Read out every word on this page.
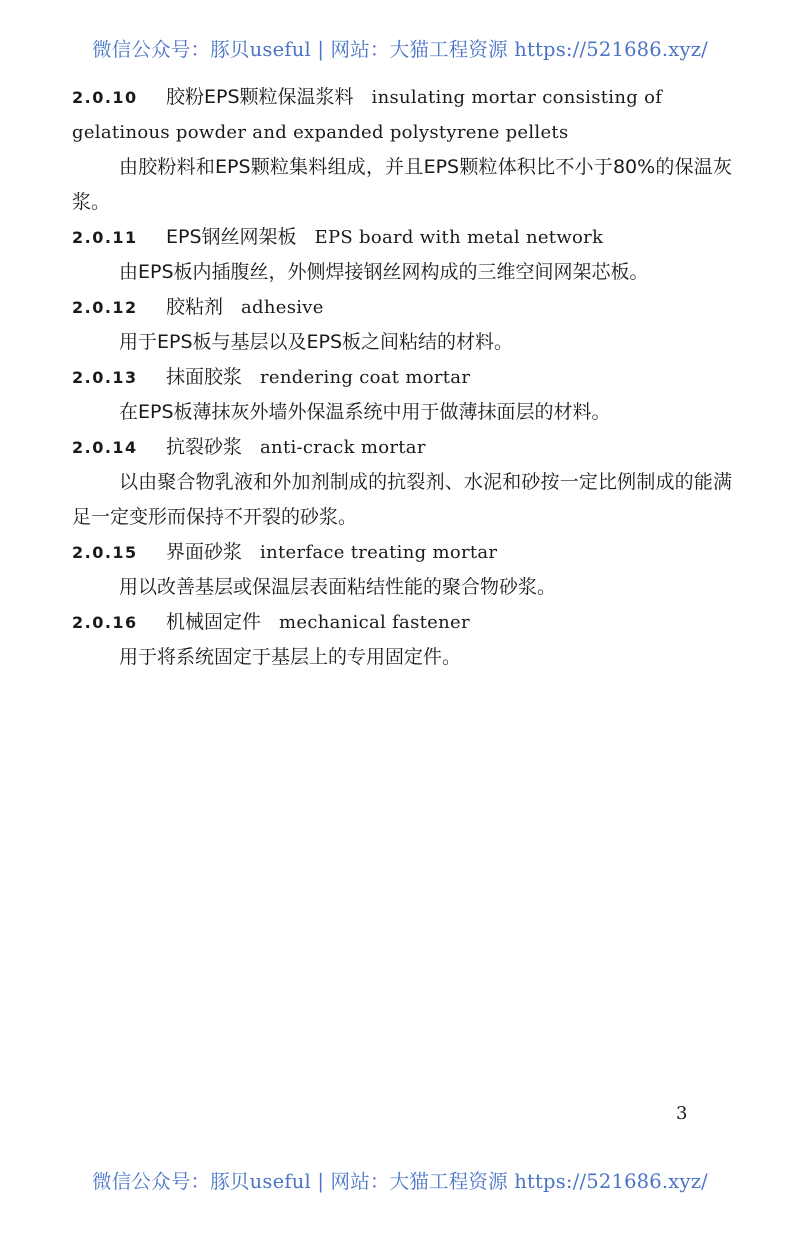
微信公众号：豚贝useful | 网站：大猫工程资源 https://521686.xyz/
2.0.10 胶粉EPS颗粒保温浆料 insulating mortar consisting of gelatinous powder and expanded polystyrene pellets

由胶粉料和EPS颗粒集料组成，并且EPS颗粒体积比不小于80%的保温灰浆。

2.0.11 EPS钢丝网架板 EPS board with metal network

由EPS板内插腹丝，外侧焊接钢丝网构成的三维空间网架芯板。

2.0.12 胶粘剂 adhesive

用于EPS板与基层以及EPS板之间粘结的材料。

2.0.13 抹面胶浆 rendering coat mortar

在EPS板薄抹灰外墙外保温系统中用于做薄抹面层的材料。

2.0.14 抗裂砂浆 anti-crack mortar

以由聚合物乳液和外加剂制成的抗裂剂、水泥和砂按一定比例制成的能满足一定变形而保持不开裂的砂浆。

2.0.15 界面砂浆 interface treating mortar

用以改善基层或保温层表面粘结性能的聚合物砂浆。

2.0.16 机械固定件 mechanical fastener

用于将系统固定于基层上的专用固定件。

3
微信公众号：豚贝useful | 网站：大猫工程资源 https://521686.xyz/
